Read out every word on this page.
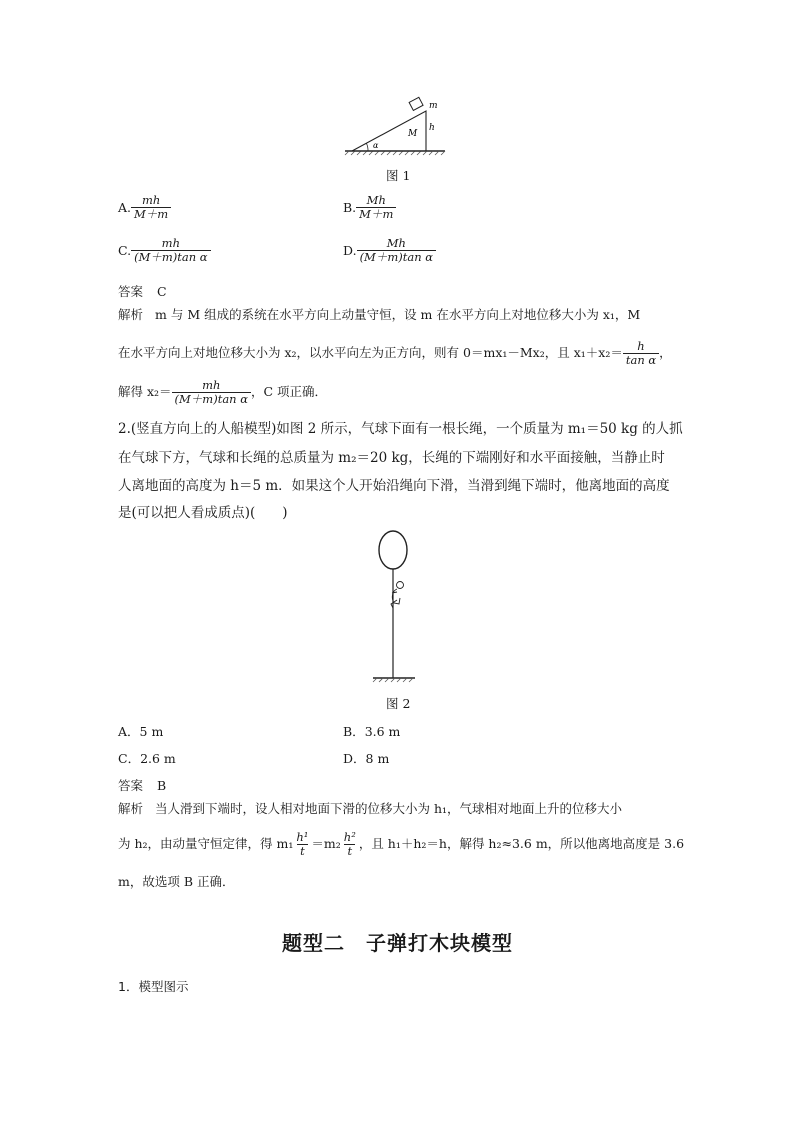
m
M
h
α
图 1
A. $\frac{mh}{M+m}$	B. $\frac{Mh}{M+m}$
C. $\frac{mh}{\text{(M＋m)tan α}}$	D. $\frac{Mh}{\text{(M＋m)tan α}}$
答案 C
解析 m 与 M 组成的系统在水平方向上动量守恒，设 m 在水平方向上对地位移大小为 x₁，M
在水平方向上对地位移大小为 x₂，以水平向左为正方向，则有 0＝mx₁－Mx₂，且 $x_1+x_2= \frac{h}{\text{tan α}}$ ，
解得 $x_2= \frac{mh}{\text{(M＋m)tan α}}$ ，C 项正确．
2.(竖直方向上的人船模型)如图 2 所示，气球下面有一根长绳，一个质量为 m₁＝50 kg 的人抓
在气球下方，气球和长绳的总质量为 m₂＝20 kg，长绳的下端刚好和水平面接触，当静止时
人离地面的高度为 h＝5 m．如果这个人开始沿绳向下滑，当滑到绳下端时，他离地面的高度
是(可以把人看成质点)(　　)
图 2
A．5 m	B．3.6 m
C．2.6 m	D．8 m
答案 B
解析 当人滑到下端时，设人相对地面下滑的位移大小为 h₁，气球相对地面上升的位移大小
为 h₂，由动量守恒定律，得 $m_1 \frac{\text{h¹}}{t} =m_2 \frac{\text{h²}}{t}$ ，且 h₁＋h₂＝h，解得 h₂≈3.6 m，所以他离地高度是 3.6
m，故选项 B 正确．
题型二　子弹打木块模型
1．模型图示
